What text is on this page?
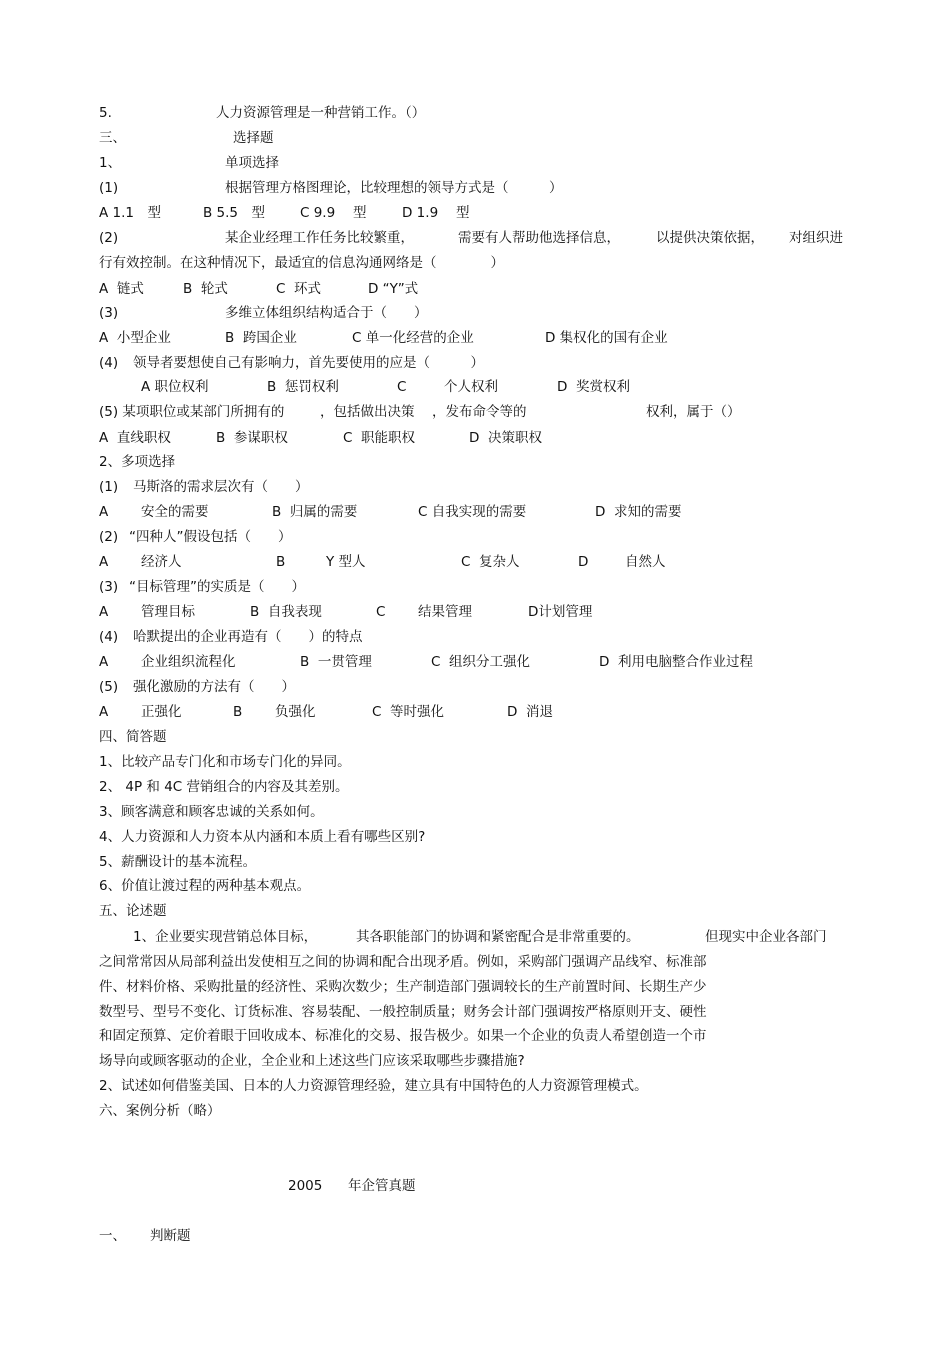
5.	人力资源管理是一种营销工作。（）
三、	选择题
1、	单项选择
(1)	根据管理方格图理论，比较理想的领导方式是（　　　）
A 1.1　型	B 5.5　型	C 9.9　 型	D 1.9　 型
(2)	某企业经理工作任务比较繁重，	需要有人帮助他选择信息，	以提供决策依据， 对组织进
行有效控制。在这种情况下，最适宜的信息沟通网络是（　　　　）
A  链式	B  轮式	C  环式	D “Y”式
(3)	多维立体组织结构适合于（　　）
A  小型企业	B  跨国企业	C 单一化经营的企业	D 集权化的国有企业
(4) 领导者要想使自己有影响力，首先要使用的应是（　　　）
A 职位权利	B  惩罚权利	C	个人权利	D  奖赏权利
(5) 某项职位或某部门所拥有的	，包括做出决策 ，发布命令等的	权利，属于（）
A  直线职权	B  参谋职权	C  职能职权	D  决策职权
2、多项选择
(1) 马斯洛的需求层次有（　　）
A 安全的需要	B  归属的需要	C 自我实现的需要	D  求知的需要
(2) “四种人”假设包括（　　）
A 经济人	B	Y 型人	C  复杂人	D	自然人
(3) “目标管理”的实质是（　　）
A 管理目标	B  自我表现	C 结果管理	D计划管理
(4) 哈默提出的企业再造有（　　）的特点
A 企业组织流程化	B  一贯管理	C  组织分工强化	D  利用电脑整合作业过程
(5) 强化激励的方法有（　　）
A 正强化	B 负强化	C  等时强化	D  消退
四、简答题
1、比较产品专门化和市场专门化的异同。
2、 4P 和 4C 营销组合的内容及其差别。
3、顾客满意和顾客忠诚的关系如何。
4、人力资源和人力资本从内涵和本质上看有哪些区别?
5、薪酬设计的基本流程。
6、价值让渡过程的两种基本观点。
五、论述题
1、企业要实现营销总体目标，	其各职能部门的协调和紧密配合是非常重要的。	但现实中企业各部门
之间常常因从局部利益出发使相互之间的协调和配合出现矛盾。例如，采购部门强调产品线窄、标准部
件、材料价格、采购批量的经济性、采购次数少；生产制造部门强调较长的生产前置时间、长期生产少
数型号、型号不变化、订货标准、容易装配、一般控制质量；财务会计部门强调按严格原则开支、硬性
和固定预算、定价着眼于回收成本、标准化的交易、报告极少。如果一个企业的负责人希望创造一个市
场导向或顾客驱动的企业，全企业和上述这些门应该采取哪些步骤措施?
2、试述如何借鉴美国、日本的人力资源管理经验，建立具有中国特色的人力资源管理模式。
六、案例分析（略）
2005 年企管真题
一、 判断题
